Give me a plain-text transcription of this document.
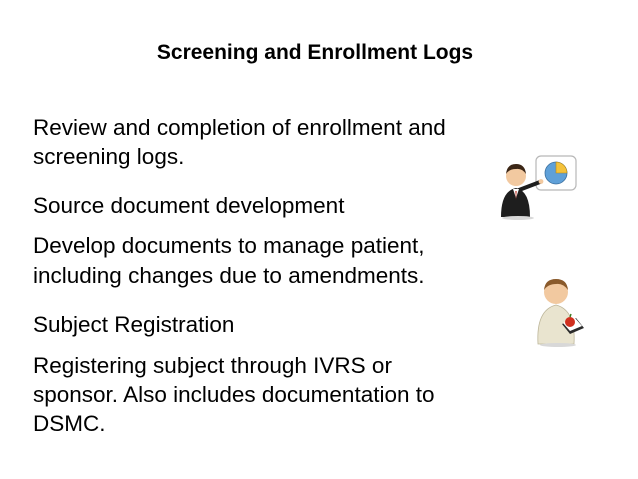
Screening and Enrollment Logs
Review and completion of enrollment and
screening logs.
Source document development
Develop documents to manage patient,
including changes due to amendments.
Subject Registration
Registering subject through IVRS or
sponsor. Also includes documentation to
DSMC.
